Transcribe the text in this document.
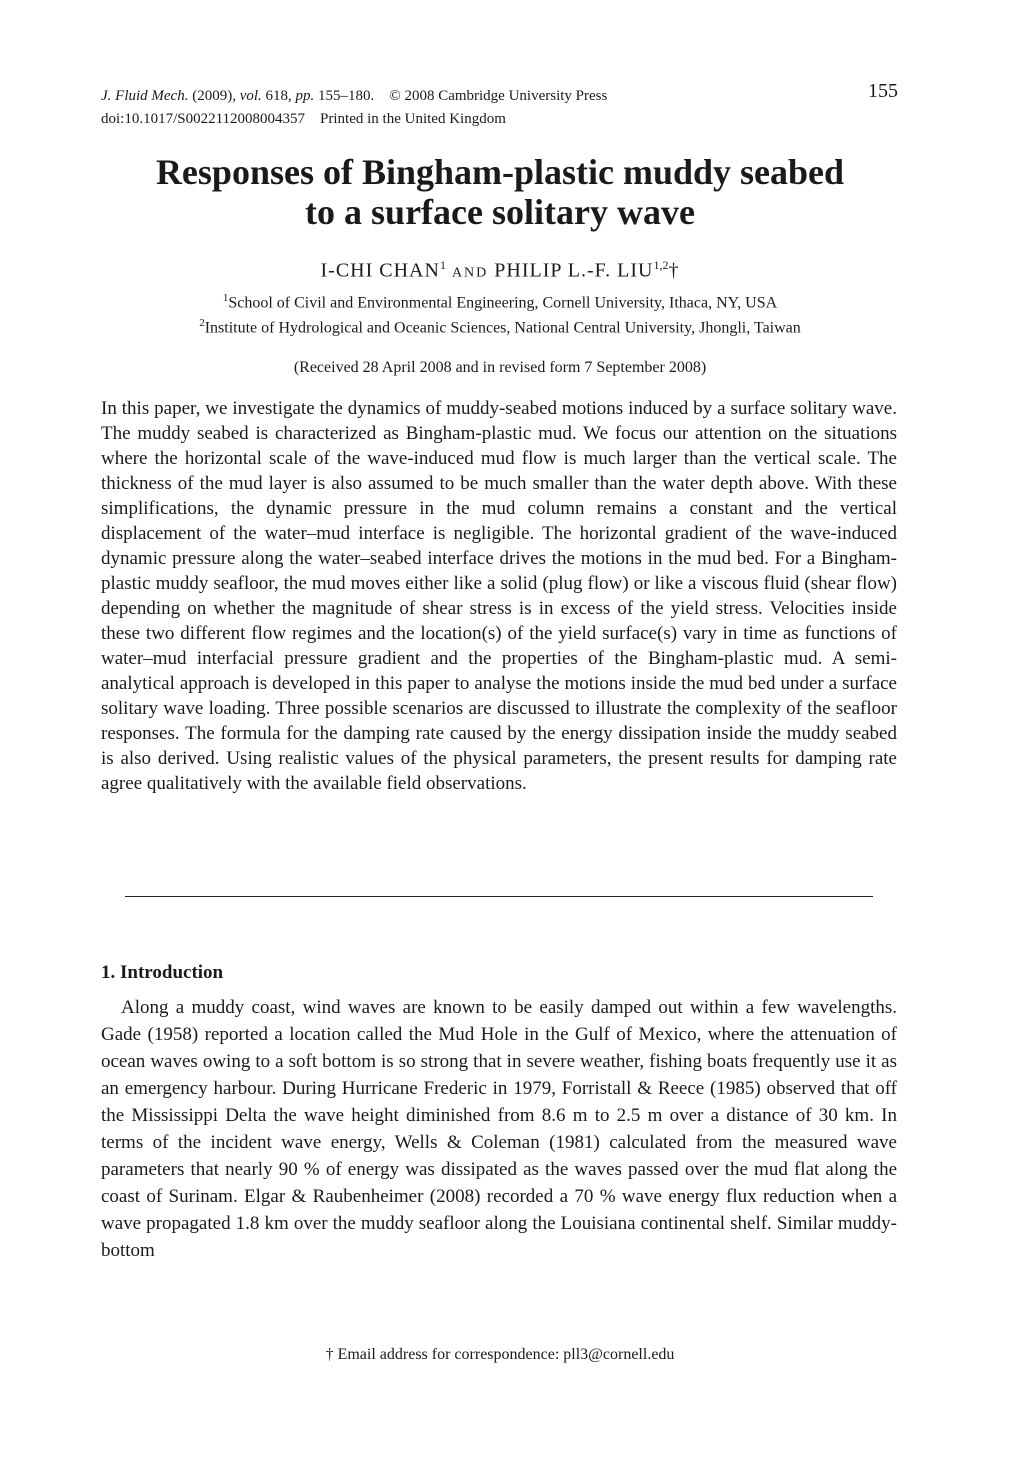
J. Fluid Mech. (2009), vol. 618, pp. 155–180. © 2008 Cambridge University Press
doi:10.1017/S0022112008004357 Printed in the United Kingdom
155
Responses of Bingham-plastic muddy seabed
to a surface solitary wave
I-CHI CHAN$^1$ AND PHILIP L.-F. LIU$^{1,2}$†
$^1$School of Civil and Environmental Engineering, Cornell University, Ithaca, NY, USA
$^2$Institute of Hydrological and Oceanic Sciences, National Central University, Jhongli, Taiwan
(Received 28 April 2008 and in revised form 7 September 2008)
In this paper, we investigate the dynamics of muddy-seabed motions induced by a surface solitary wave. The muddy seabed is characterized as Bingham-plastic mud. We focus our attention on the situations where the horizontal scale of the wave-induced mud flow is much larger than the vertical scale. The thickness of the mud layer is also assumed to be much smaller than the water depth above. With these simplifications, the dynamic pressure in the mud column remains a constant and the vertical displacement of the water–mud interface is negligible. The horizontal gradient of the wave-induced dynamic pressure along the water–seabed interface drives the motions in the mud bed. For a Bingham-plastic muddy seafloor, the mud moves either like a solid (plug flow) or like a viscous fluid (shear flow) depending on whether the magnitude of shear stress is in excess of the yield stress. Velocities inside these two different flow regimes and the location(s) of the yield surface(s) vary in time as functions of water–mud interfacial pressure gradient and the properties of the Bingham-plastic mud. A semi-analytical approach is developed in this paper to analyse the motions inside the mud bed under a surface solitary wave loading. Three possible scenarios are discussed to illustrate the complexity of the seafloor responses. The formula for the damping rate caused by the energy dissipation inside the muddy seabed is also derived. Using realistic values of the physical parameters, the present results for damping rate agree qualitatively with the available field observations.
1. Introduction
Along a muddy coast, wind waves are known to be easily damped out within a few wavelengths. Gade (1958) reported a location called the Mud Hole in the Gulf of Mexico, where the attenuation of ocean waves owing to a soft bottom is so strong that in severe weather, fishing boats frequently use it as an emergency harbour. During Hurricane Frederic in 1979, Forristall & Reece (1985) observed that off the Mississippi Delta the wave height diminished from 8.6 m to 2.5 m over a distance of 30 km. In terms of the incident wave energy, Wells & Coleman (1981) calculated from the measured wave parameters that nearly 90 % of energy was dissipated as the waves passed over the mud flat along the coast of Surinam. Elgar & Raubenheimer (2008) recorded a 70 % wave energy flux reduction when a wave propagated 1.8 km over the muddy seafloor along the Louisiana continental shelf. Similar muddy-bottom
† Email address for correspondence: pll3@cornell.edu
